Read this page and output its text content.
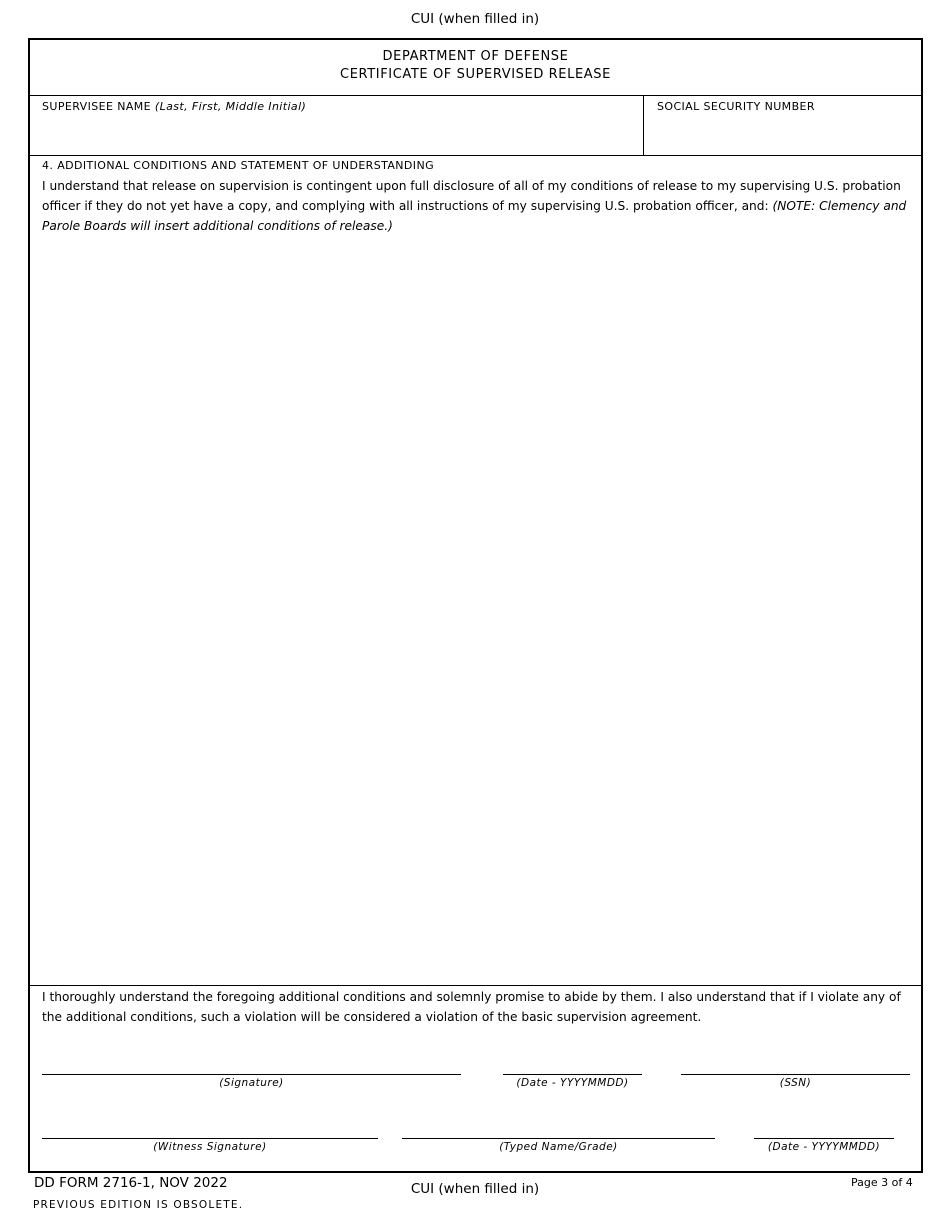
CUI (when filled in)
DEPARTMENT OF DEFENSE
CERTIFICATE OF SUPERVISED RELEASE
SUPERVISEE NAME (Last, First, Middle Initial)	SOCIAL SECURITY NUMBER
4. ADDITIONAL CONDITIONS AND STATEMENT OF UNDERSTANDING
I understand that release on supervision is contingent upon full disclosure of all of my conditions of release to my supervising U.S. probation officer if they do not yet have a copy, and complying with all instructions of my supervising U.S. probation officer, and: (NOTE: Clemency and Parole Boards will insert additional conditions of release.)
I thoroughly understand the foregoing additional conditions and solemnly promise to abide by them. I also understand that if I violate any of the additional conditions, such a violation will be considered a violation of the basic supervision agreement.
(Signature)	(Date - YYYYMMDD)	(SSN)
(Witness Signature)	(Typed Name/Grade)	(Date - YYYYMMDD)
DD FORM 2716-1, NOV 2022
PREVIOUS EDITION IS OBSOLETE.
CUI (when filled in)	Page 3 of 4
